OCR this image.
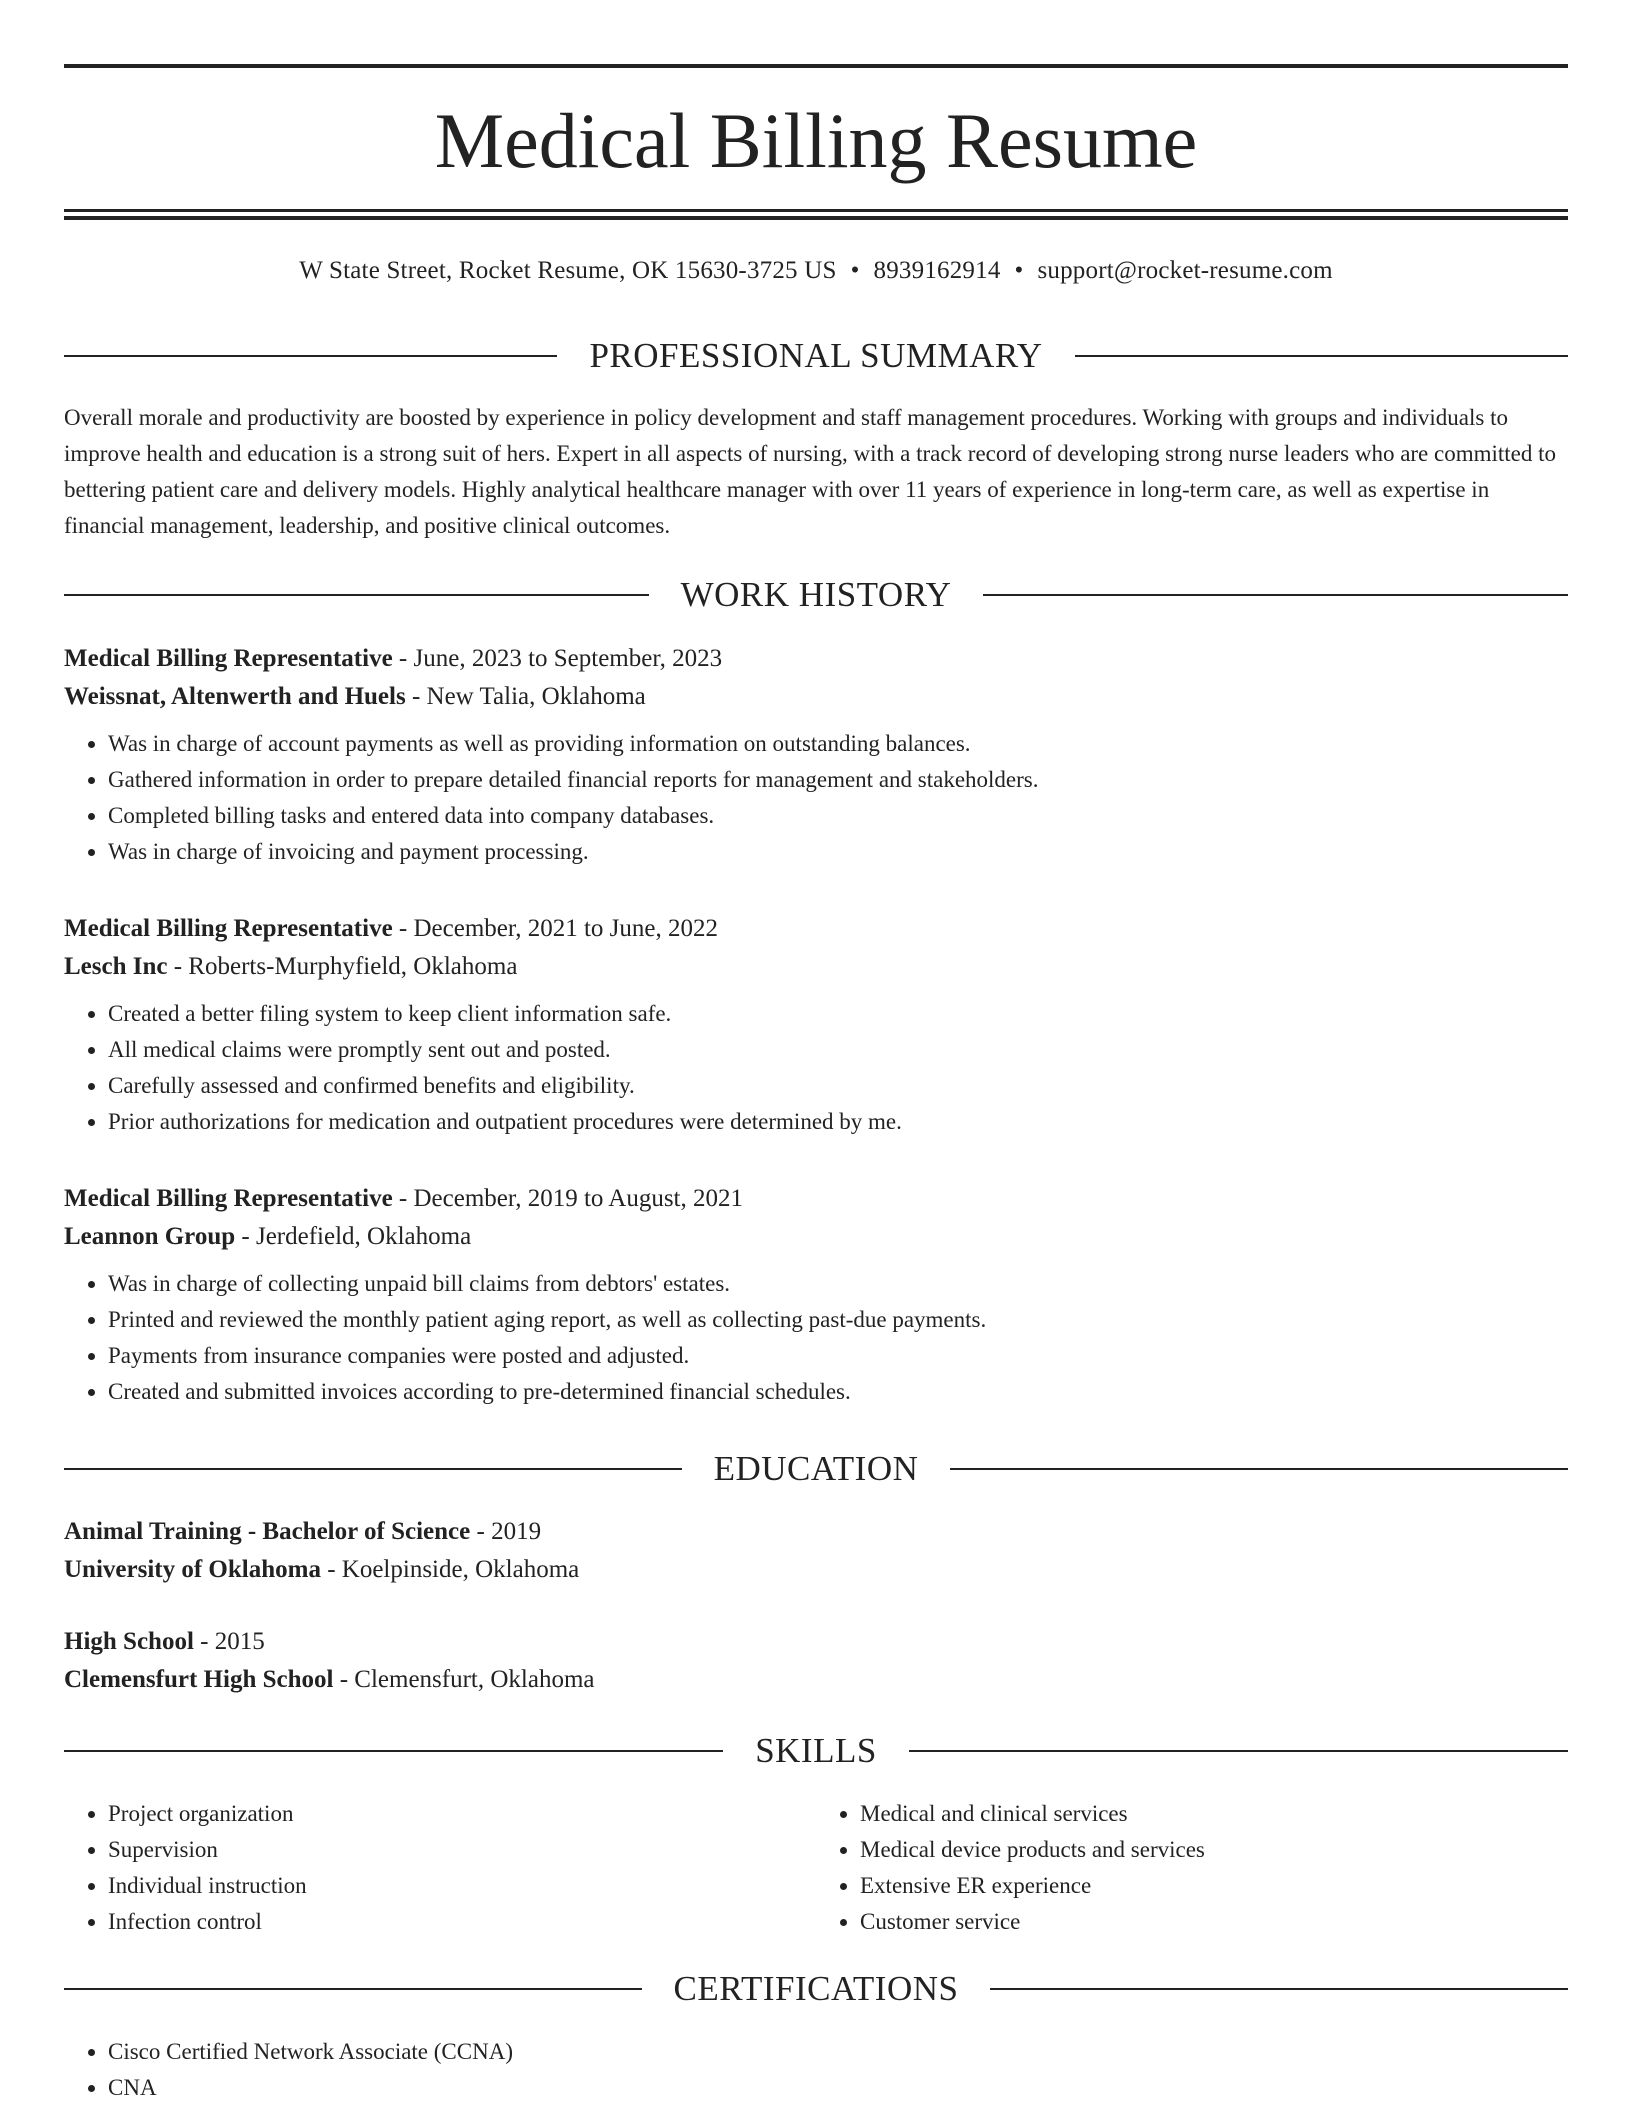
Medical Billing Resume
W State Street, Rocket Resume, OK 15630-3725 US • 8939162914 • support@rocket-resume.com
PROFESSIONAL SUMMARY

Overall morale and productivity are boosted by experience in policy development and staff management procedures. Working with groups and individuals to improve health and education is a strong suit of hers. Expert in all aspects of nursing, with a track record of developing strong nurse leaders who are committed to bettering patient care and delivery models. Highly analytical healthcare manager with over 11 years of experience in long-term care, as well as expertise in financial management, leadership, and positive clinical outcomes.

WORK HISTORY
Medical Billing Representative - June, 2023 to September, 2023
Weissnat, Altenwerth and Huels - New Talia, Oklahoma
• Was in charge of account payments as well as providing information on outstanding balances.
• Gathered information in order to prepare detailed financial reports for management and stakeholders.
• Completed billing tasks and entered data into company databases.
• Was in charge of invoicing and payment processing.
Medical Billing Representative - December, 2021 to June, 2022
Lesch Inc - Roberts-Murphyfield, Oklahoma
• Created a better filing system to keep client information safe.
• All medical claims were promptly sent out and posted.
• Carefully assessed and confirmed benefits and eligibility.
• Prior authorizations for medication and outpatient procedures were determined by me.
Medical Billing Representative - December, 2019 to August, 2021
Leannon Group - Jerdefield, Oklahoma
• Was in charge of collecting unpaid bill claims from debtors' estates.
• Printed and reviewed the monthly patient aging report, as well as collecting past-due payments.
• Payments from insurance companies were posted and adjusted.
• Created and submitted invoices according to pre-determined financial schedules.
EDUCATION
Animal Training - Bachelor of Science - 2019
University of Oklahoma - Koelpinside, Oklahoma
High School - 2015
Clemensfurt High School - Clemensfurt, Oklahoma
SKILLS
• Project organization
• Supervision
• Individual instruction
• Infection control
• Medical and clinical services
• Medical device products and services
• Extensive ER experience
• Customer service
CERTIFICATIONS
• Cisco Certified Network Associate (CCNA)
• CNA
